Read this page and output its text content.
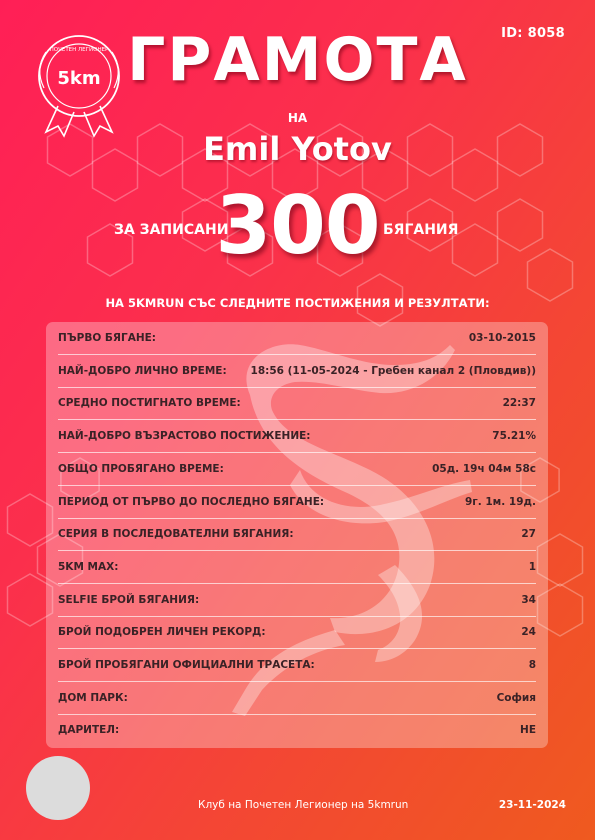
ПОЧЕТЕН ЛЕГИОНЕР
5km
ID: 8058
ГРАМОТА
НА
Emil Yotov
ЗА ЗАПИСАНИ
300 БЯГАНИЯ
НА 5KMRUN СЪС СЛЕДНИТЕ ПОСТИЖЕНИЯ И РЕЗУЛТАТИ:
ПЪРВО БЯГАНЕ:	03-10-2015
НАЙ-ДОБРО ЛИЧНО ВРЕМЕ: 18:56 (11-05-2024 - Гребен канал 2 (Пловдив))
СРЕДНО ПОСТИГНАТО ВРЕМЕ:	22:37
НАЙ-ДОБРО ВЪЗРАСТОВО ПОСТИЖЕНИЕ:	75.21%
ОБЩО ПРОБЯГАНО ВРЕМЕ:	05д. 19ч 04м 58с
ПЕРИОД ОТ ПЪРВО ДО ПОСЛЕДНО БЯГАНЕ:	9г. 1м. 19д.
СЕРИЯ В ПОСЛЕДОВАТЕЛНИ БЯГАНИЯ:	27
5KM MAX:	1
SELFIE БРОЙ БЯГАНИЯ:	34
БРОЙ ПОДОБРЕН ЛИЧЕН РЕКОРД:	24
БРОЙ ПРОБЯГАНИ ОФИЦИАЛНИ ТРАСЕТА:	8
ДОМ ПАРК:	София
ДАРИТЕЛ:	НЕ
Клуб на Почетен Легионер на 5kmrun	23-11-2024
